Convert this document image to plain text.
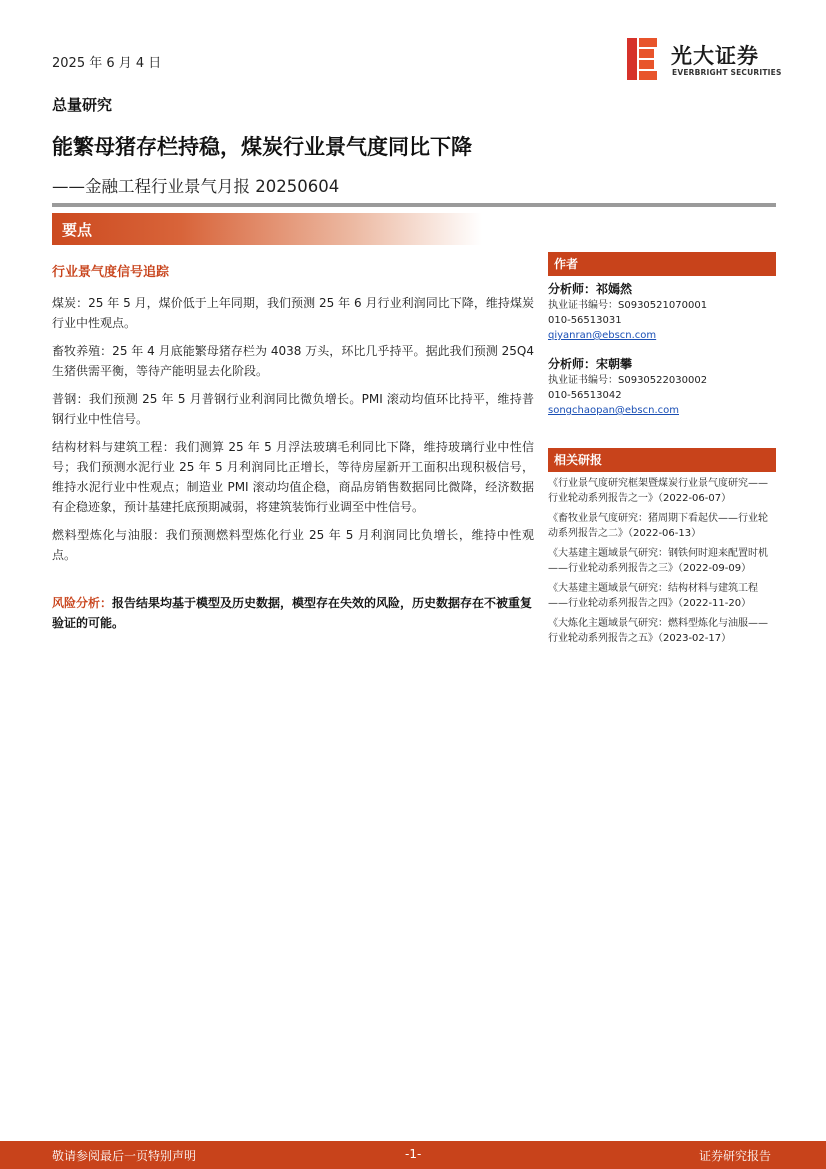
2025 年 6 月 4 日	光大证券
EVERBRIGHT SECURITIES
总量研究
能繁母猪存栏持稳，煤炭行业景气度同比下降
——金融工程行业景气月报 20250604
要点
行业景气度信号追踪

煤炭：25 年 5 月，煤价低于上年同期，我们预测 25 年 6 月行业利润同比下降，维持煤炭行业中性观点。

畜牧养殖：25 年 4 月底能繁母猪存栏为 4038 万头，环比几乎持平。据此我们预测 25Q4 生猪供需平衡，等待产能明显去化阶段。

普钢：我们预测 25 年 5 月普钢行业利润同比微负增长。PMI 滚动均值环比持平，维持普钢行业中性信号。

结构材料与建筑工程：我们测算 25 年 5 月浮法玻璃毛利同比下降，维持玻璃行业中性信号；我们预测水泥行业 25 年 5 月利润同比正增长，等待房屋新开工面积出现积极信号，维持水泥行业中性观点；制造业 PMI 滚动均值企稳，商品房销售数据同比微降，经济数据有企稳迹象，预计基建托底预期减弱，将建筑装饰行业调至中性信号。

燃料型炼化与油服：我们预测燃料型炼化行业 25 年 5 月利润同比负增长，维持中性观点。

风险分析：报告结果均基于模型及历史数据，模型存在失效的风险，历史数据存在不被重复验证的可能。

作者
分析师：祁嫣然
执业证书编号：S0930521070001
010-56513031
qiyanran@ebscn.com
分析师：宋朝攀
执业证书编号：S0930522030002
010-56513042
songchaopan@ebscn.com
相关研报
《行业景气度研究框架暨煤炭行业景气度研究——行业轮动系列报告之一》（2022-06-07）
《畜牧业景气度研究：猪周期下看起伏——行业轮动系列报告之二》（2022-06-13）
《大基建主题域景气研究：钢铁何时迎来配置时机——行业轮动系列报告之三》（2022-09-09）
《大基建主题域景气研究：结构材料与建筑工程——行业轮动系列报告之四》（2022-11-20）
《大炼化主题域景气研究：燃料型炼化与油服——行业轮动系列报告之五》（2023-02-17）
敬请参阅最后一页特别声明	-1-	证券研究报告
